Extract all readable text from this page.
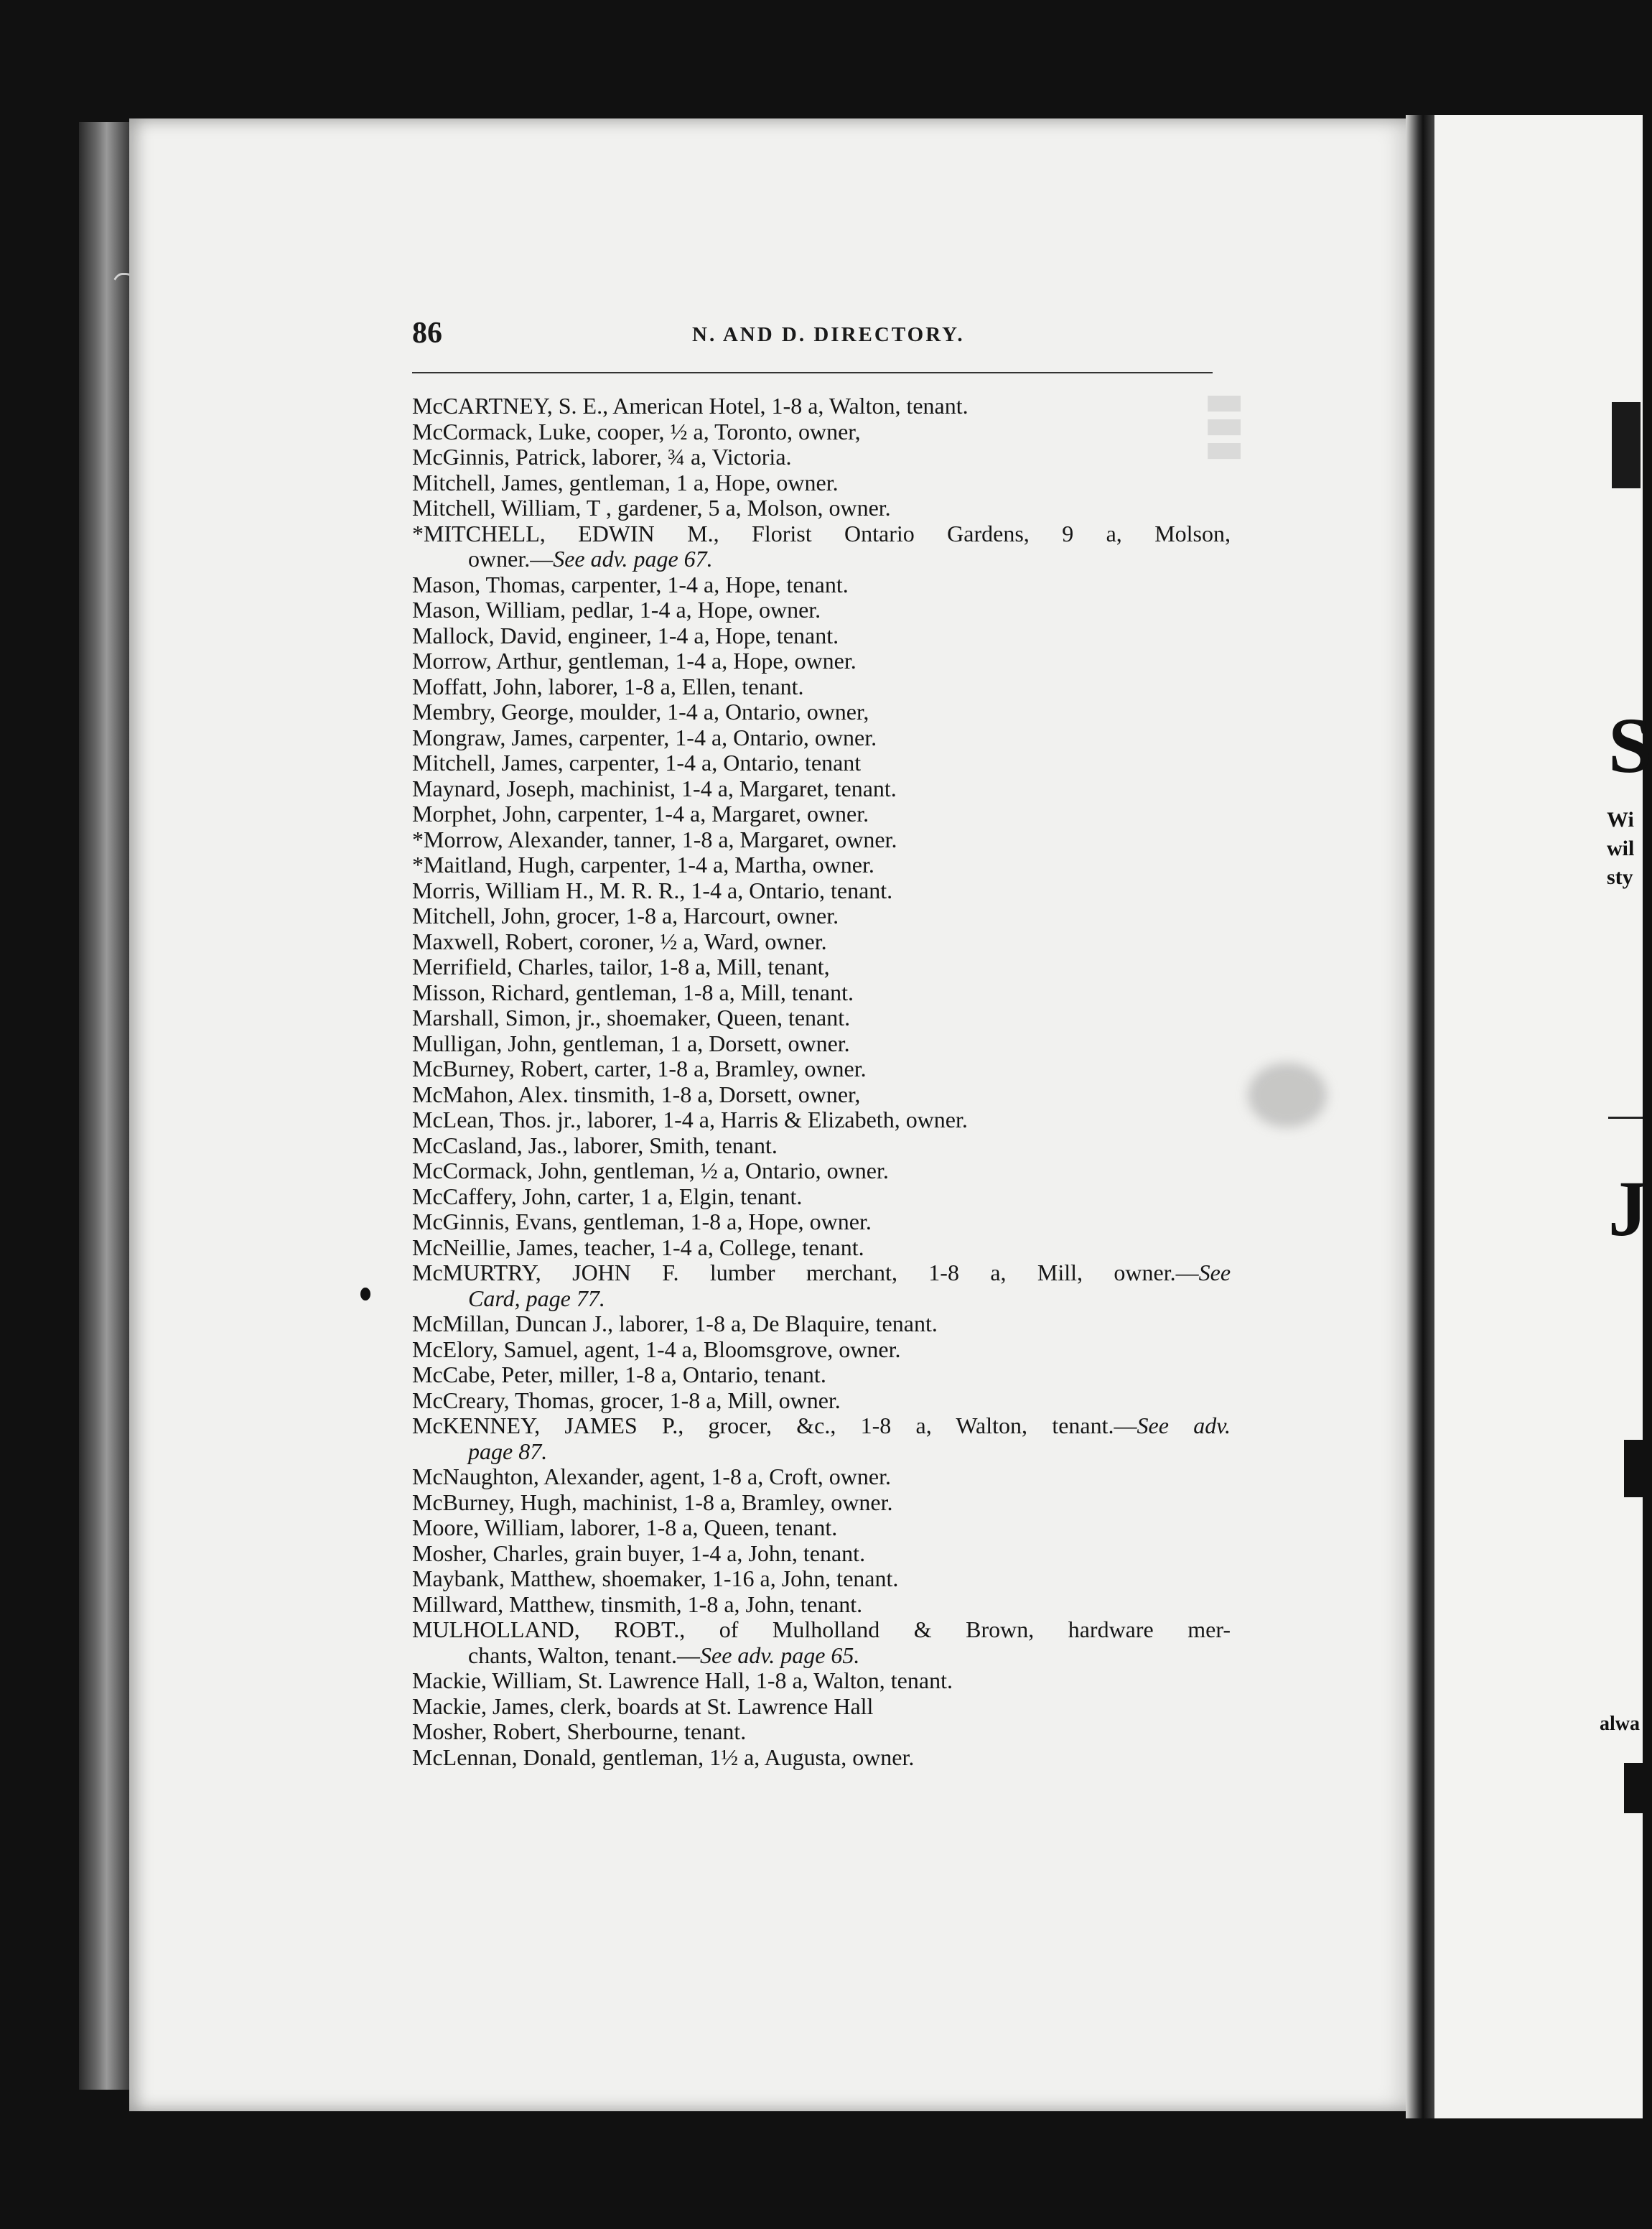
▮▮▮
86	N. AND D. DIRECTORY.
McCARTNEY, S. E., American Hotel, 1-8 a, Walton, tenant.
McCormack, Luke, cooper, ½ a, Toronto, owner,
McGinnis, Patrick, laborer, ¾ a, Victoria.
Mitchell, James, gentleman, 1 a, Hope, owner.
Mitchell, William, T , gardener, 5 a, Molson, owner.
*MITCHELL, EDWIN M., Florist Ontario Gardens, 9 a, Molson,
owner.—See adv. page 67.
Mason, Thomas, carpenter, 1-4 a, Hope, tenant.
Mason, William, pedlar, 1-4 a, Hope, owner.
Mallock, David, engineer, 1-4 a, Hope, tenant.
Morrow, Arthur, gentleman, 1-4 a, Hope, owner.
Moffatt, John, laborer, 1-8 a, Ellen, tenant.
Membry, George, moulder, 1-4 a, Ontario, owner,
Mongraw, James, carpenter, 1-4 a, Ontario, owner.
Mitchell, James, carpenter, 1-4 a, Ontario, tenant
Maynard, Joseph, machinist, 1-4 a, Margaret, tenant.
Morphet, John, carpenter, 1-4 a, Margaret, owner.
*Morrow, Alexander, tanner, 1-8 a, Margaret, owner.
*Maitland, Hugh, carpenter, 1-4 a, Martha, owner.
Morris, William H., M. R. R., 1-4 a, Ontario, tenant.
Mitchell, John, grocer, 1-8 a, Harcourt, owner.
Maxwell, Robert, coroner, ½ a, Ward, owner.
Merrifield, Charles, tailor, 1-8 a, Mill, tenant,
Misson, Richard, gentleman, 1-8 a, Mill, tenant.
Marshall, Simon, jr., shoemaker, Queen, tenant.
Mulligan, John, gentleman, 1 a, Dorsett, owner.
McBurney, Robert, carter, 1-8 a, Bramley, owner.
McMahon, Alex. tinsmith, 1-8 a, Dorsett, owner,
McLean, Thos. jr., laborer, 1-4 a, Harris & Elizabeth, owner.
McCasland, Jas., laborer, Smith, tenant.
McCormack, John, gentleman, ½ a, Ontario, owner.
McCaffery, John, carter, 1 a, Elgin, tenant.
McGinnis, Evans, gentleman, 1-8 a, Hope, owner.
McNeillie, James, teacher, 1-4 a, College, tenant.
McMURTRY, JOHN F. lumber merchant, 1-8 a, Mill, owner.—See
Card, page 77.
McMillan, Duncan J., laborer, 1-8 a, De Blaquire, tenant.
McElory, Samuel, agent, 1-4 a, Bloomsgrove, owner.
McCabe, Peter, miller, 1-8 a, Ontario, tenant.
McCreary, Thomas, grocer, 1-8 a, Mill, owner.
McKENNEY, JAMES P., grocer, &c., 1-8 a, Walton, tenant.—See adv.
page 87.
McNaughton, Alexander, agent, 1-8 a, Croft, owner.
McBurney, Hugh, machinist, 1-8 a, Bramley, owner.
Moore, William, laborer, 1-8 a, Queen, tenant.
Mosher, Charles, grain buyer, 1-4 a, John, tenant.
Maybank, Matthew, shoemaker, 1-16 a, John, tenant.
Millward, Matthew, tinsmith, 1-8 a, John, tenant.
MULHOLLAND, ROBT., of Mulholland & Brown, hardware mer-
chants, Walton, tenant.—See adv. page 65.
Mackie, William, St. Lawrence Hall, 1-8 a, Walton, tenant.
Mackie, James, clerk, boards at St. Lawrence Hall
Mosher, Robert, Sherbourne, tenant.
McLennan, Donald, gentleman, 1½ a, Augusta, owner.
S
Wi
wil
sty
J
alwa
